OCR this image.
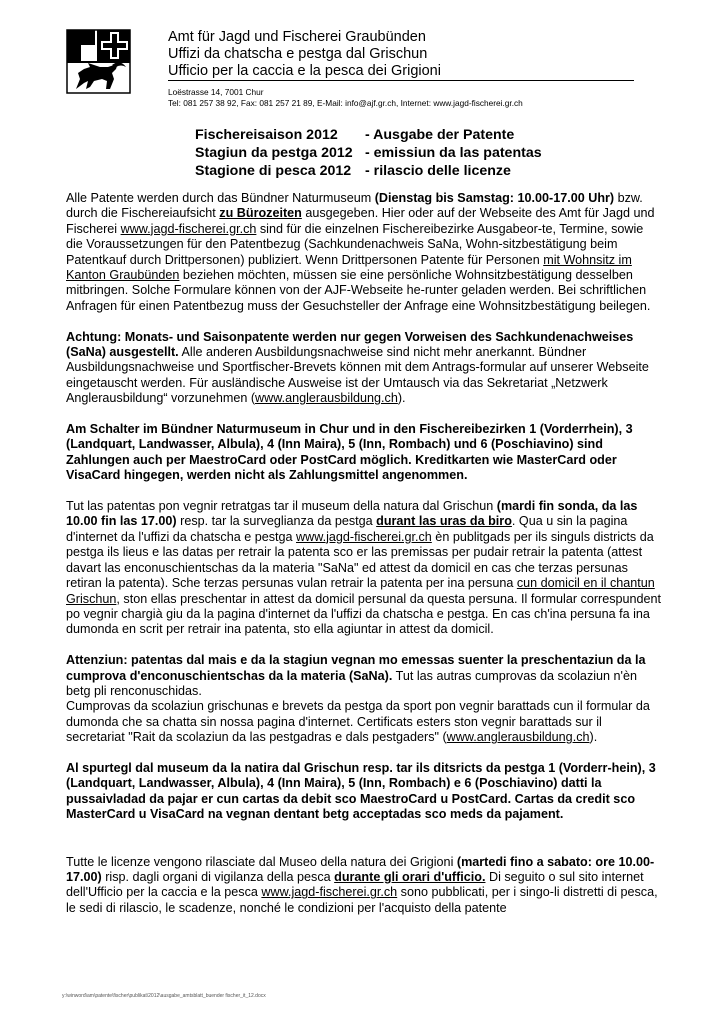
Amt für Jagd und Fischerei Graubünden
Uffizi da chatscha e pestga dal Grischun
Ufficio per la caccia e la pesca dei Grigioni
Loëstrasse 14, 7001 Chur
Tel: 081 257 38 92, Fax: 081 257 21 89, E-Mail: info@ajf.gr.ch, Internet: www.jagd-fischerei.gr.ch
Fischereisaison 2012	- Ausgabe der Patente
Stagiun da pestga 2012 - emissiun da las patentas
Stagione di pesca 2012 - rilascio delle licenze

Alle Patente werden durch das Bündner Naturmuseum (Dienstag bis Samstag: 10.00-17.00 Uhr) bzw. durch die Fischereiaufsicht zu Bürozeiten ausgegeben. Hier oder auf der Webseite des Amt für Jagd und Fischerei www.jagd-fischerei.gr.ch sind für die einzelnen Fischereibezirke Ausgabeor-te, Termine, sowie die Voraussetzungen für den Patentbezug (Sachkundenachweis SaNa, Wohn-sitzbestätigung beim Patentkauf durch Drittpersonen) publiziert. Wenn Drittpersonen Patente für Personen mit Wohnsitz im Kanton Graubünden beziehen möchten, müssen sie eine persönliche Wohnsitzbestätigung desselben mitbringen. Solche Formulare können von der AJF-Webseite he-runter geladen werden. Bei schriftlichen Anfragen für einen Patentbezug muss der Gesuchsteller der Anfrage eine Wohnsitzbestätigung beilegen.

Achtung: Monats- und Saisonpatente werden nur gegen Vorweisen des Sachkundenachweises (SaNa) ausgestellt. Alle anderen Ausbildungsnachweise sind nicht mehr anerkannt. Bündner Ausbildungsnachweise und Sportfischer-Brevets können mit dem Antrags-formular auf unserer Webseite eingetauscht werden. Für ausländische Ausweise ist der Umtausch via das Sekretariat „Netzwerk Anglerausbildung“ vorzunehmen (www.anglerausbildung.ch).

Am Schalter im Bündner Naturmuseum in Chur und in den Fischereibezirken 1 (Vorderrhein), 3 (Landquart, Landwasser, Albula), 4 (Inn Maira), 5 (Inn, Rombach) und 6 (Poschiavino) sind Zahlungen auch per MaestroCard oder PostCard möglich. Kreditkarten wie MasterCard oder VisaCard hingegen, werden nicht als Zahlungsmittel angenommen.

Tut las patentas pon vegnir retratgas tar il museum della natura dal Grischun (mardi fin sonda, da las 10.00 fin las 17.00) resp. tar la surveglianza da pestga durant las uras da biro. Qua u sin la pagina d'internet da l'uffizi da chatscha e pestga www.jagd-fischerei.gr.ch èn publitgads per ils singuls districts da pestga ils lieus e las datas per retrair la patenta sco er las premissas per pudair retrair la patenta (attest davart las enconuschientschas da la materia "SaNa" ed attest da domicil en cas che terzas persunas retiran la patenta). Sche terzas persunas vulan retrair la patenta per ina persuna cun domicil en il chantun Grischun, ston ellas preschentar in attest da domicil persunal da questa persuna. Il formular correspundent po vegnir chargià giu da la pagina d'internet da l'uffizi da chatscha e pestga. En cas ch'ina persuna fa ina dumonda en scrit per retrair ina patenta, sto ella agiuntar in attest da domicil.

Attenziun: patentas dal mais e da la stagiun vegnan mo emessas suenter la preschentaziun da la cumprova d'enconuschientschas da la materia (SaNa). Tut las autras cumprovas da scolaziun n'èn betg pli renconuschidas.
Cumprovas da scolaziun grischunas e brevets da pestga da sport pon vegnir barattads cun il formular da dumonda che sa chatta sin nossa pagina d'internet. Certificats esters ston vegnir barattads sur il secretariat "Rait da scolaziun da las pestgadras e dals pestgaders" (www.anglerausbildung.ch).

Al spurtegl dal museum da la natira dal Grischun resp. tar ils ditsricts da pestga 1 (Vorderr-hein), 3 (Landquart, Landwasser, Albula), 4 (Inn Maira), 5 (Inn, Rombach) e 6 (Poschiavino) datti la pussaivladad da pajar er cun cartas da debit sco MaestroCard u PostCard. Cartas da credit sco MasterCard u VisaCard na vegnan dentant betg acceptadas sco meds da pajament.

Tutte le licenze vengono rilasciate dal Museo della natura dei Grigioni (martedi fino a sabato: ore 10.00-17.00) risp. dagli organi di vigilanza della pesca durante gli orari d'ufficio. Di seguito o sul sito internet dell'Ufficio per la caccia e la pesca www.jagd-fischerei.gr.ch sono pubblicati, per i singo-li distretti di pesca, le sedi di rilascio, le scadenze, nonché le condizioni per l'acquisto della patente

y:\winword\am\patente\fischer\publikat\2012\ausgabe_amtsblatt_buender fischer_it_12.docx
